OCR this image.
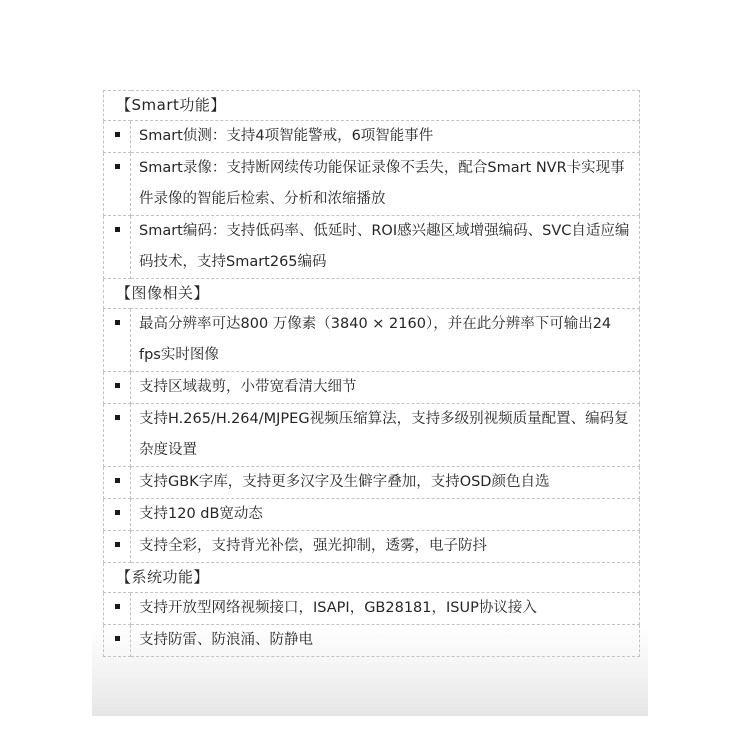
【Smart功能】	

	Smart侦测：支持4项智能警戒，6项智能事件

	Smart录像：支持断网续传功能保证录像不丢失，配合Smart NVR卡实现事件录像的智能后检索、分析和浓缩播放

	Smart编码：支持低码率、低延时、ROI感兴趣区域增强编码、SVC自适应编码技术，支持Smart265编码
【图像相关】	

	最高分辨率可达800 万像素（3840 × 2160），并在此分辨率下可输出24 fps实时图像

	支持区域裁剪，小带宽看清大细节

	支持H.265/H.264/MJPEG视频压缩算法，支持多级别视频质量配置、编码复杂度设置

	支持GBK字库，支持更多汉字及生僻字叠加，支持OSD颜色自选

	支持120 dB宽动态

	支持全彩，支持背光补偿，强光抑制，透雾，电子防抖
【系统功能】	

	支持开放型网络视频接口，ISAPI，GB28181，ISUP协议接入

	支持防雷、防浪涌、防静电
